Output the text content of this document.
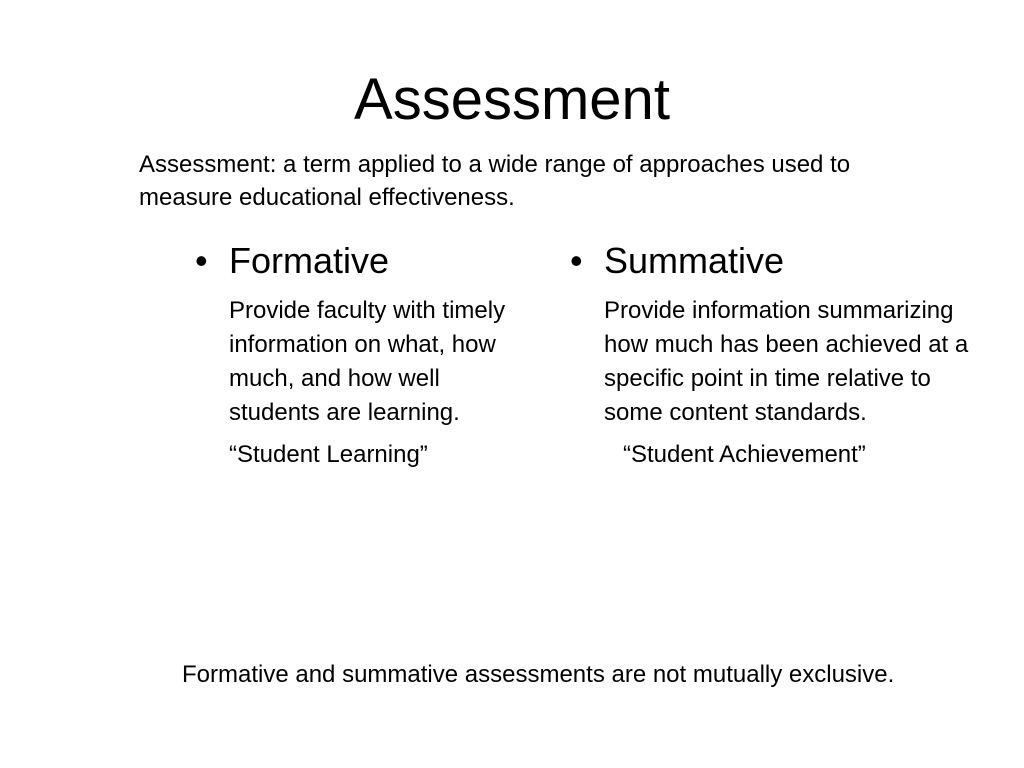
Assessment

Assessment: a term applied to a wide range of approaches used to measure educational effectiveness.

• Formative
Provide faculty with timely information on what, how much, and how well students are learning.
“Student Learning”
• Summative
Provide information summarizing how much has been achieved at a specific point in time relative to some content standards.
“Student Achievement”

Formative and summative assessments are not mutually exclusive.
